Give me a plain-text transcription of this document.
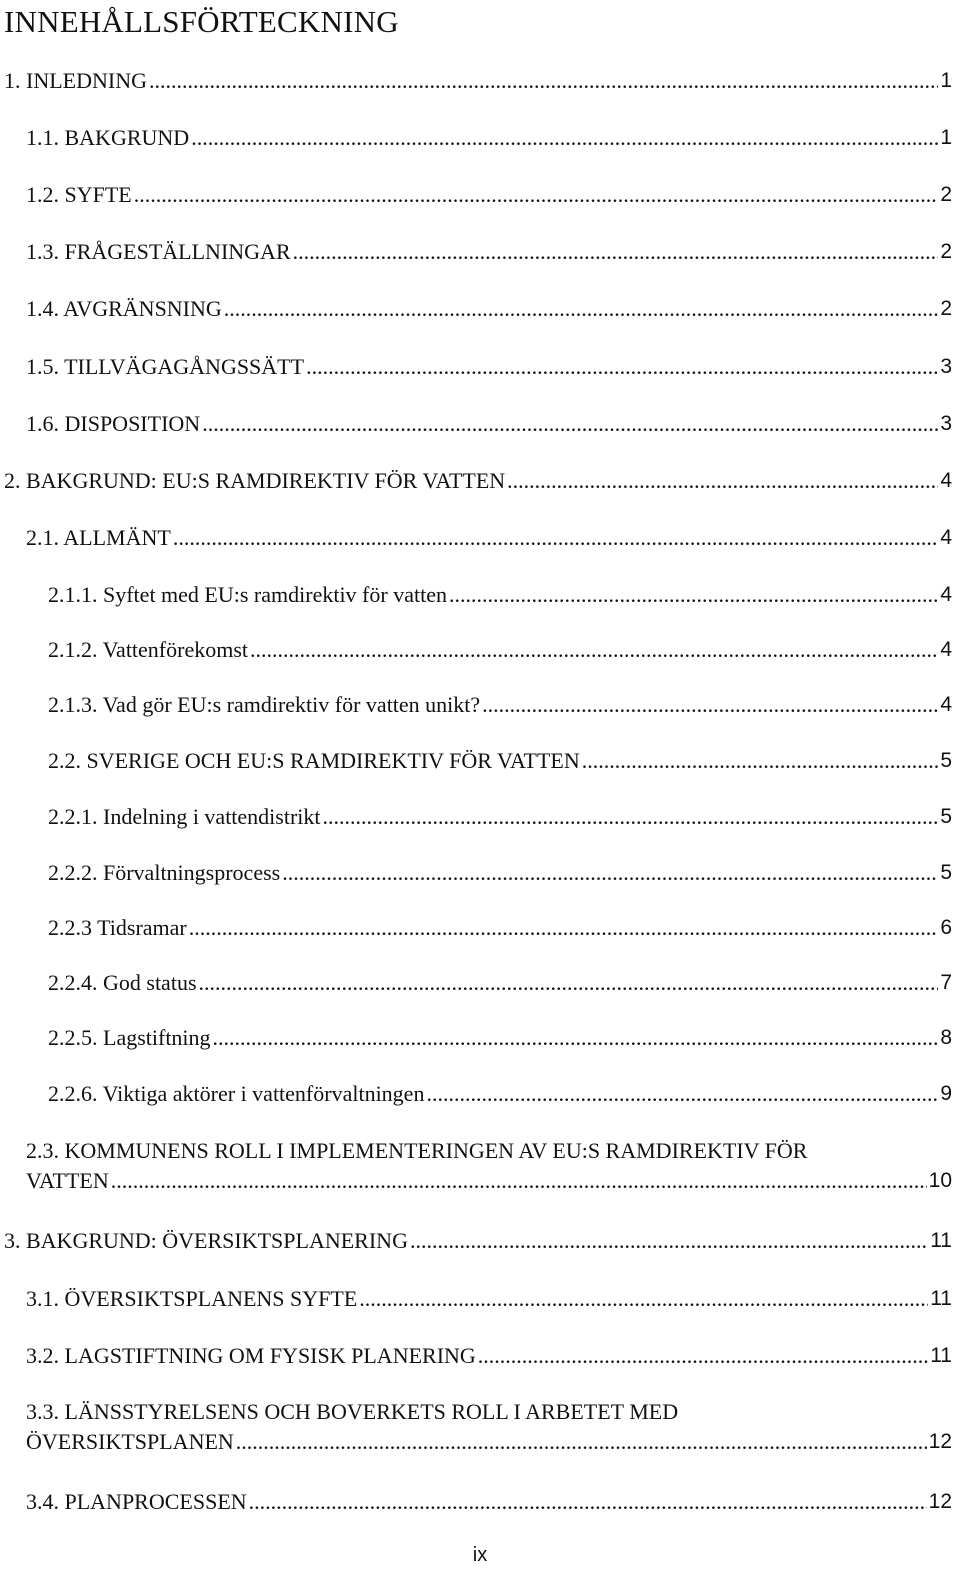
INNEHÅLLSFÖRTECKNING
1. INLEDNING .....	1
1.1. BAKGRUND .....	1
1.2. SYFTE .....	2
1.3. FRÅGESTÄLLNINGAR .....	2
1.4. AVGRÄNSNING .....	2
1.5. TILLVÄGAGÅNGSSÄTT .....	3
1.6. DISPOSITION .....	3
2. BAKGRUND: EU:S RAMDIREKTIV FÖR VATTEN .....	4
2.1. ALLMÄNT .....	4
2.1.1. Syftet med EU:s ramdirektiv för vatten .....	4
2.1.2. Vattenförekomst .....	4
2.1.3. Vad gör EU:s ramdirektiv för vatten unikt? .....	4
2.2. SVERIGE OCH EU:S RAMDIREKTIV FÖR VATTEN .....	5
2.2.1. Indelning i vattendistrikt .....	5
2.2.2. Förvaltningsprocess .....	5
2.2.3 Tidsramar .....	6
2.2.4. God status .....	7
2.2.5. Lagstiftning .....	8
2.2.6. Viktiga aktörer i vattenförvaltningen .....	9
2.3. KOMMUNENS ROLL I IMPLEMENTERINGEN AV EU:S RAMDIREKTIV FÖR
VATTEN .....	10
3. BAKGRUND: ÖVERSIKTSPLANERING .....	11
3.1. ÖVERSIKTSPLANENS SYFTE .....	11
3.2. LAGSTIFTNING OM FYSISK PLANERING .....	11
3.3. LÄNSSTYRELSENS OCH BOVERKETS ROLL I ARBETET MED
ÖVERSIKTSPLANEN .....	12
3.4. PLANPROCESSEN .....	12
ix
